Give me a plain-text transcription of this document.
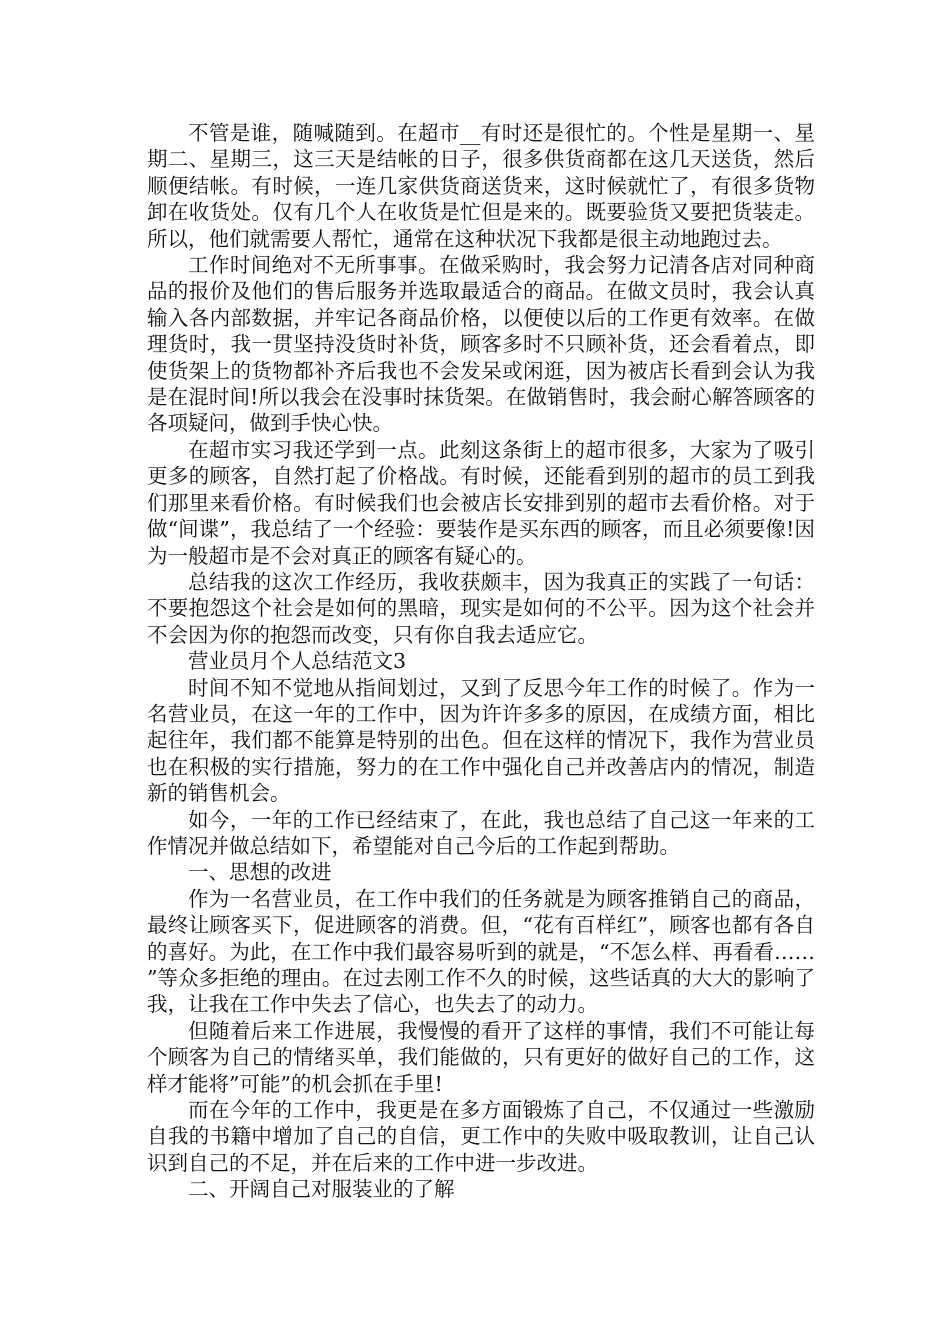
不管是谁，随喊随到。在超市__有时还是很忙的。个性是星期一、星期二、星期三，这三天是结帐的日子，很多供货商都在这几天送货，然后顺便结帐。有时候，一连几家供货商送货来，这时候就忙了，有很多货物卸在收货处。仅有几个人在收货是忙但是来的。既要验货又要把货装走。所以，他们就需要人帮忙，通常在这种状况下我都是很主动地跑过去。

工作时间绝对不无所事事。在做采购时，我会努力记清各店对同种商品的报价及他们的售后服务并选取最适合的商品。在做文员时，我会认真输入各内部数据，并牢记各商品价格，以便使以后的工作更有效率。在做理货时，我一贯坚持没货时补货，顾客多时不只顾补货，还会看着点，即使货架上的货物都补齐后我也不会发呆或闲逛，因为被店长看到会认为我是在混时间!所以我会在没事时抹货架。在做销售时，我会耐心解答顾客的各项疑问，做到手快心快。

在超市实习我还学到一点。此刻这条街上的超市很多，大家为了吸引更多的顾客，自然打起了价格战。有时候，还能看到别的超市的员工到我们那里来看价格。有时候我们也会被店长安排到别的超市去看价格。对于做“间谍”，我总结了一个经验：要装作是买东西的顾客，而且必须要像!因为一般超市是不会对真正的顾客有疑心的。

总结我的这次工作经历，我收获颇丰，因为我真正的实践了一句话：不要抱怨这个社会是如何的黑暗，现实是如何的不公平。因为这个社会并不会因为你的抱怨而改变，只有你自我去适应它。

营业员月个人总结范文3

时间不知不觉地从指间划过，又到了反思今年工作的时候了。作为一名营业员，在这一年的工作中，因为许许多多的原因，在成绩方面，相比起往年，我们都不能算是特别的出色。但在这样的情况下，我作为营业员也在积极的实行措施，努力的在工作中强化自己并改善店内的情况，制造新的销售机会。

如今，一年的工作已经结束了，在此，我也总结了自己这一年来的工作情况并做总结如下，希望能对自己今后的工作起到帮助。

一、思想的改进

作为一名营业员，在工作中我们的任务就是为顾客推销自己的商品，最终让顾客买下，促进顾客的消费。但，“花有百样红”，顾客也都有各自的喜好。为此，在工作中我们最容易听到的就是，“不怎么样、再看看……”等众多拒绝的理由。在过去刚工作不久的时候，这些话真的大大的影响了我，让我在工作中失去了信心，也失去了的动力。

但随着后来工作进展，我慢慢的看开了这样的事情，我们不可能让每个顾客为自己的情绪买单，我们能做的，只有更好的做好自己的工作，这样才能将”可能”的机会抓在手里!

而在今年的工作中，我更是在多方面锻炼了自己，不仅通过一些激励自我的书籍中增加了自己的自信，更工作中的失败中吸取教训，让自己认识到自己的不足，并在后来的工作中进一步改进。

二、开阔自己对服装业的了解
